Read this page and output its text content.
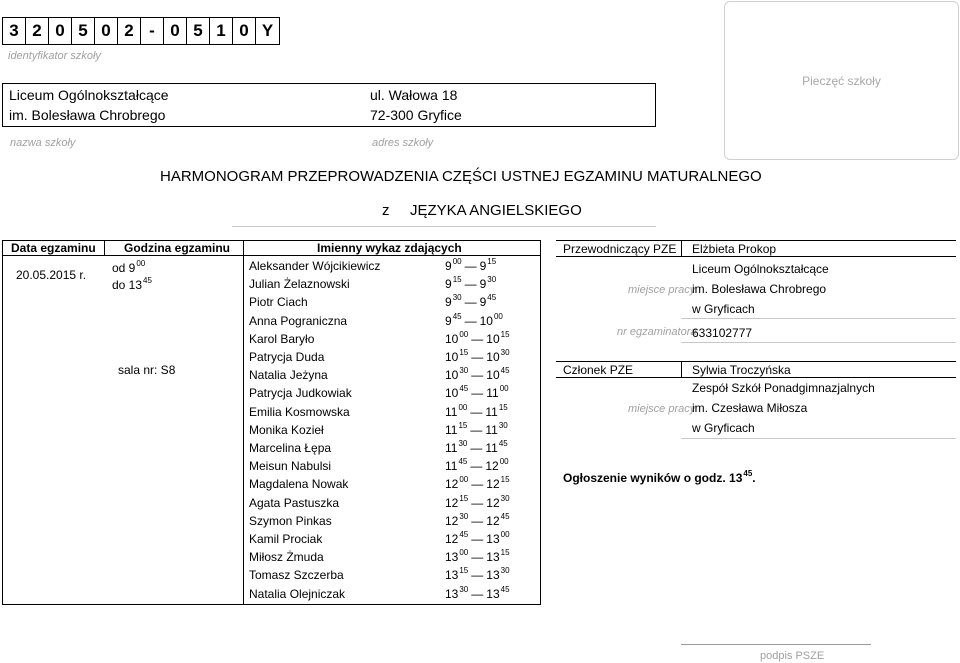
3 2 0 5 0 2 - 0 5 1 0 Y
identyfikator szkoły
Pieczęć szkoły
Liceum Ogólnokształcące
im. Bolesława Chrobrego
ul. Wałowa 18
72-300 Gryfice
nazwa szkoły	adres szkoły
HARMONOGRAM PRZEPROWADZENIA CZĘŚCI USTNEJ EGZAMINU MATURALNEGO
z JĘZYKA ANGIELSKIEGO
Data egzaminu Godzina egzaminu	Imienny wykaz zdających
20.05.2015 r. od $9^{00}$
do $13^{45}$
sala nr: S8
Aleksander Wójcikiewicz	$9^{00}$ — $9^{15}$
Julian Żelaznowski	$9^{15}$ — $9^{30}$
Piotr Ciach	$9^{30}$ — $9^{45}$
Anna Pograniczna	$9^{45}$ — $10^{00}$
Karol Baryło	$10^{00}$ — $10^{15}$
Patrycja Duda	$10^{15}$ — $10^{30}$
Natalia Jeżyna	$10^{30}$ — $10^{45}$
Patrycja Judkowiak	$10^{45}$ — $11^{00}$
Emilia Kosmowska	$11^{00}$ — $11^{15}$
Monika Kozieł	$11^{15}$ — $11^{30}$
Marcelina Łępa	$11^{30}$ — $11^{45}$
Meisun Nabulsi	$11^{45}$ — $12^{00}$
Magdalena Nowak	$12^{00}$ — $12^{15}$
Agata Pastuszka	$12^{15}$ — $12^{30}$
Szymon Pinkas	$12^{30}$ — $12^{45}$
Kamil Prociak	$12^{45}$ — $13^{00}$
Miłosz Żmuda	$13^{00}$ — $13^{15}$
Tomasz Szczerba	$13^{15}$ — $13^{30}$
Natalia Olejniczak	$13^{30}$ — $13^{45}$
Przewodniczący PZE Elżbieta Prokop
Liceum Ogólnokształcące
miejsce pracy
im. Bolesława Chrobrego
w Gryficach
nr egzaminatora
633102777
Członek PZE	Sylwia Troczyńska
Zespół Szkół Ponadgimnazjalnych
miejsce pracy
im. Czesława Miłosza
w Gryficach
Ogłoszenie wyników o godz. $13^{45}$.
podpis PSZE
